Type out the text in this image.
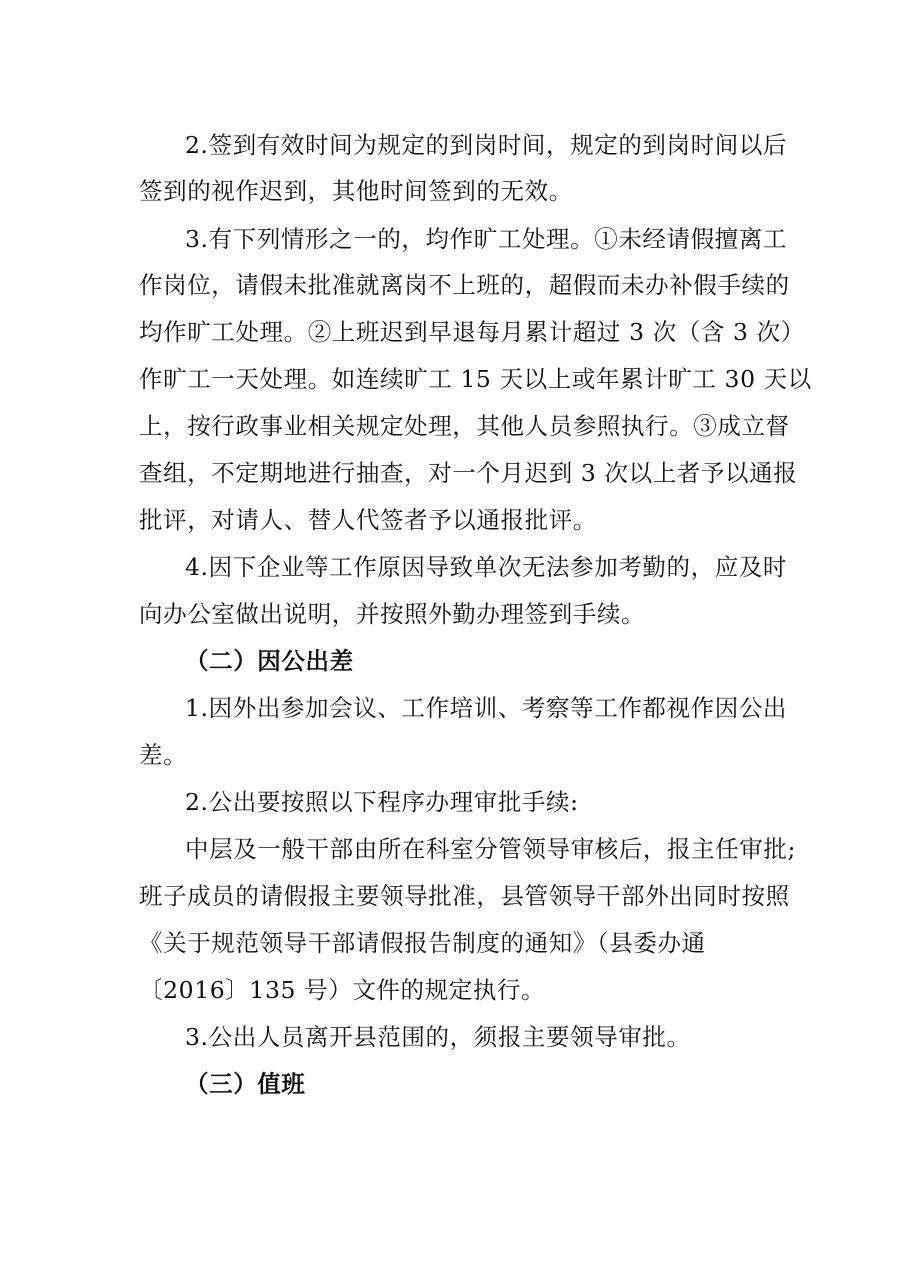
2.签到有效时间为规定的到岗时间，规定的到岗时间以后
签到的视作迟到，其他时间签到的无效。
3.有下列情形之一的，均作旷工处理。①未经请假擅离工
作岗位，请假未批准就离岗不上班的，超假而未办补假手续的
均作旷工处理。②上班迟到早退每月累计超过 3 次（含 3 次）
作旷工一天处理。如连续旷工 15 天以上或年累计旷工 30 天以
上，按行政事业相关规定处理，其他人员参照执行。③成立督
查组，不定期地进行抽查，对一个月迟到 3 次以上者予以通报
批评，对请人、替人代签者予以通报批评。
4.因下企业等工作原因导致单次无法参加考勤的，应及时
向办公室做出说明，并按照外勤办理签到手续。
（二）因公出差
1.因外出参加会议、工作培训、考察等工作都视作因公出
差。
2.公出要按照以下程序办理审批手续:
中层及一般干部由所在科室分管领导审核后，报主任审批;
班子成员的请假报主要领导批准，县管领导干部外出同时按照
《关于规范领导干部请假报告制度的通知》（县委办通
〔2016〕135 号）文件的规定执行。
3.公出人员离开县范围的，须报主要领导审批。
（三）值班
